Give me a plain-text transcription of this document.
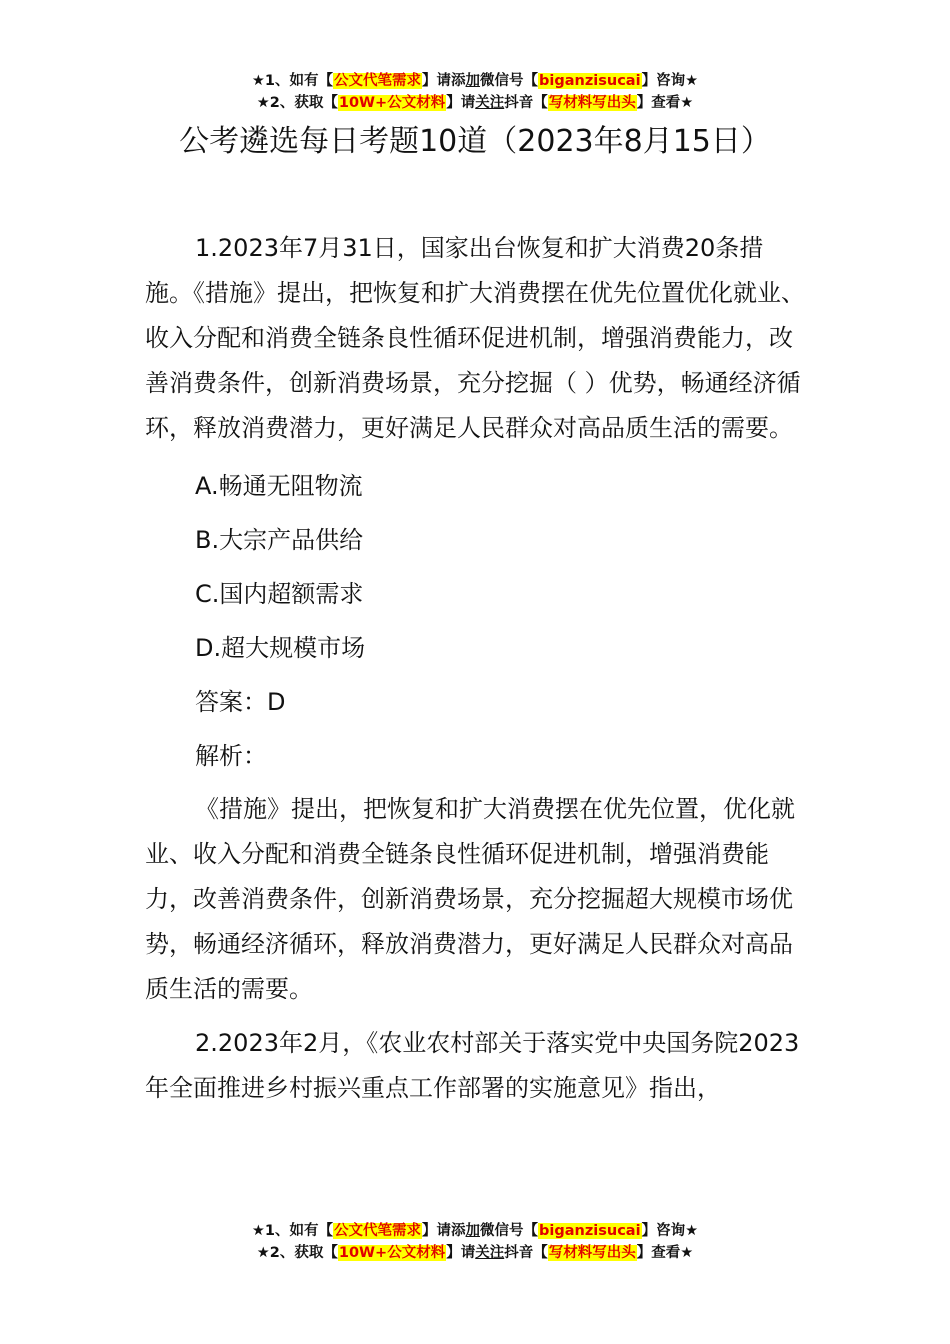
★1、如有【公文代笔需求】请添加微信号【biganzisucai】咨询★
★2、获取【10W+公文材料】请关注抖音【写材料写出头】查看★
公考遴选每日考题10道（2023年8月15日）

1.2023年7月31日，国家出台恢复和扩大消费20条措施。《措施》提出，把恢复和扩大消费摆在优先位置优化就业、收入分配和消费全链条良性循环促进机制，增强消费能力，改善消费条件，创新消费场景，充分挖掘（ ）优势，畅通经济循环，释放消费潜力，更好满足人民群众对高品质生活的需要。

A.畅通无阻物流

B.大宗产品供给

C.国内超额需求

D.超大规模市场

答案：D

解析：

《措施》提出，把恢复和扩大消费摆在优先位置，优化就业、收入分配和消费全链条良性循环促进机制，增强消费能力，改善消费条件，创新消费场景，充分挖掘超大规模市场优势，畅通经济循环，释放消费潜力，更好满足人民群众对高品质生活的需要。

2.2023年2月，《农业农村部关于落实党中央国务院2023年全面推进乡村振兴重点工作部署的实施意见》指出，

★1、如有【公文代笔需求】请添加微信号【biganzisucai】咨询★
★2、获取【10W+公文材料】请关注抖音【写材料写出头】查看★
